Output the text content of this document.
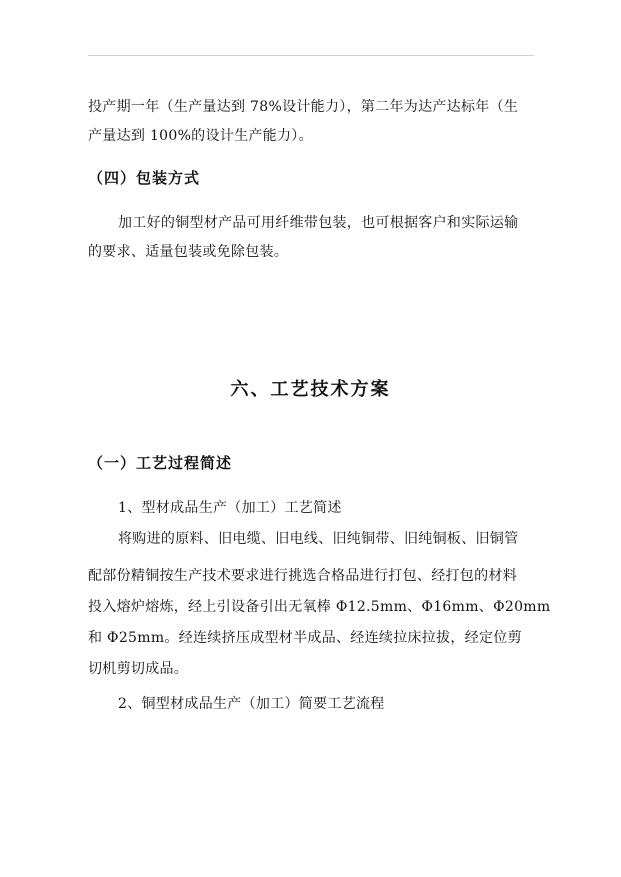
投产期一年（生产量达到 78%设计能力），第二年为达产达标年（生
产量达到 100%的设计生产能力）。
（四）包装方式
加工好的铜型材产品可用纤维带包装，也可根据客户和实际运输
的要求、适量包装或免除包装。
六、工艺技术方案
（一）工艺过程简述
1、型材成品生产（加工）工艺简述
将购进的原料、旧电缆、旧电线、旧纯铜带、旧纯铜板、旧铜管
配部份精铜按生产技术要求进行挑选合格品进行打包、经打包的材料
投入熔炉熔炼，经上引设备引出无氧棒 Φ12.5mm、Φ16mm、Φ20mm
和 Φ25mm。经连续挤压成型材半成品、经连续拉床拉拔，经定位剪
切机剪切成品。
2、铜型材成品生产（加工）简要工艺流程
